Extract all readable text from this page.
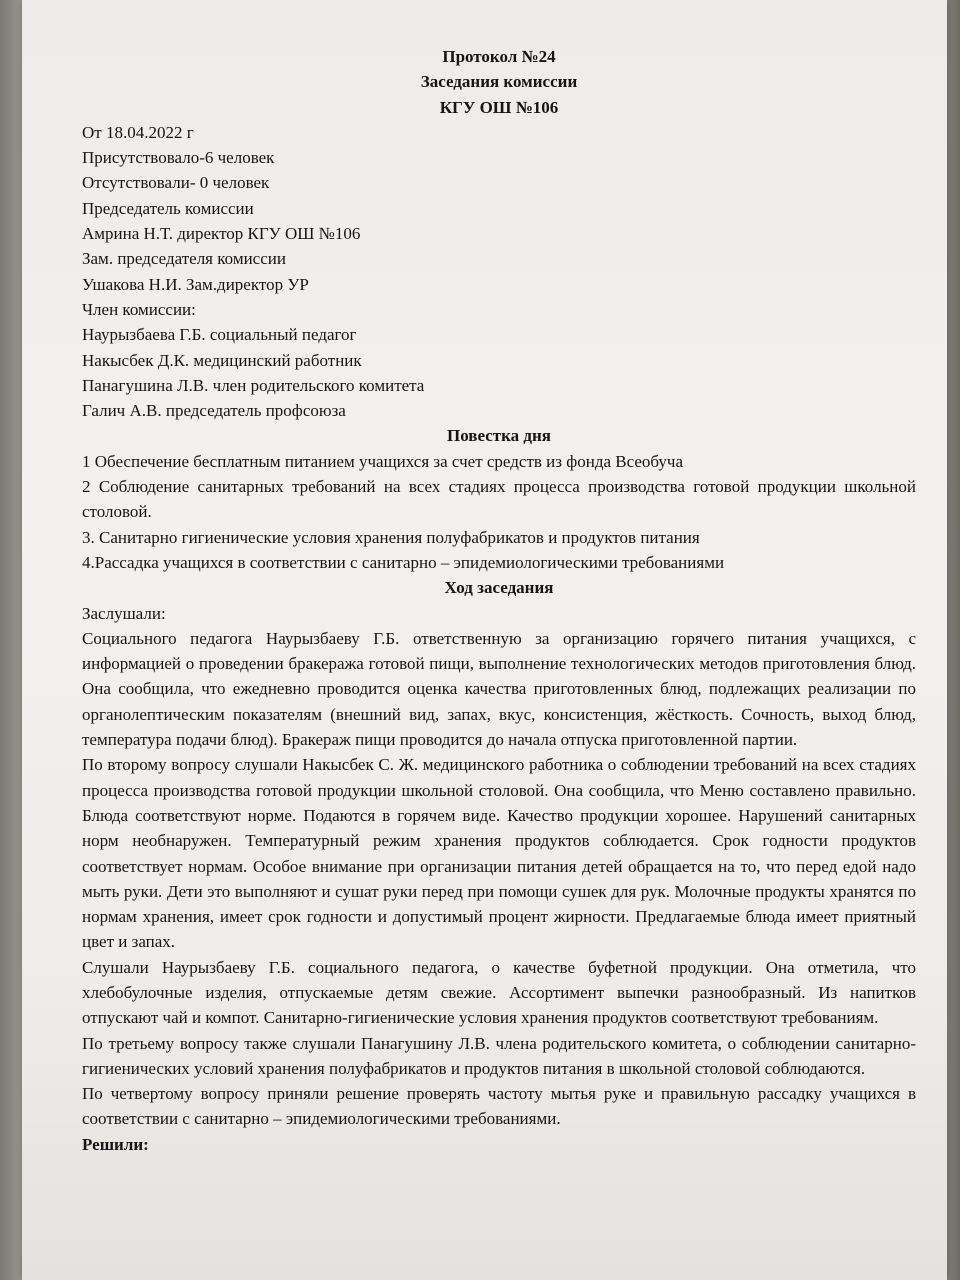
Протокол №24

Заседания комиссии

КГУ ОШ №106

От 18.04.2022 г

Присутствовало-6 человек

Отсутствовали- 0 человек

Председатель комиссии

Амрина Н.Т. директор КГУ ОШ №106

Зам. председателя комиссии

Ушакова Н.И. Зам.директор УР

Член комиссии:

Наурызбаева Г.Б. социальный педагог

Накысбек Д.К. медицинский работник

Панагушина Л.В. член родительского комитета

Галич А.В. председатель профсоюза

Повестка дня

1 Обеспечение бесплатным питанием учащихся за счет средств из фонда Всеобуча

2 Соблюдение санитарных требований на всех стадиях процесса производства готовой продукции школьной столовой.

3. Санитарно гигиенические условия хранения полуфабрикатов и продуктов питания

4.Рассадка учащихся в соответствии с санитарно – эпидемиологическими требованиями

Ход заседания

Заслушали:

Социального педагога Наурызбаеву Г.Б. ответственную за организацию горячего питания учащихся, с информацией о проведении бракеража готовой пищи, выполнение технологических методов приготовления блюд. Она сообщила, что ежедневно проводится оценка качества приготовленных блюд, подлежащих реализации по органолептическим показателям (внешний вид, запах, вкус, консистенция, жёсткость. Сочность, выход блюд, температура подачи блюд). Бракераж пищи проводится до начала отпуска приготовленной партии.

По второму вопросу слушали Накысбек С. Ж. медицинского работника о соблюдении требований на всех стадиях процесса производства готовой продукции школьной столовой. Она сообщила, что Меню составлено правильно. Блюда соответствуют норме. Подаются в горячем виде. Качество продукции хорошее. Нарушений санитарных норм необнаружен. Температурный режим хранения продуктов соблюдается. Срок годности продуктов соответствует нормам. Особое внимание при организации питания детей обращается на то, что перед едой надо мыть руки. Дети это выполняют и сушат руки перед при помощи сушек для рук. Молочные продукты хранятся по нормам хранения, имеет срок годности и допустимый процент жирности. Предлагаемые блюда имеет приятный цвет и запах.

Слушали Наурызбаеву Г.Б. социального педагога, о качестве буфетной продукции. Она отметила, что хлебобулочные изделия, отпускаемые детям свежие. Ассортимент выпечки разнообразный. Из напитков отпускают чай и компот. Санитарно-гигиенические условия хранения продуктов соответствуют требованиям.

По третьему вопросу также слушали Панагушину Л.В. члена родительского комитета, о соблюдении санитарно-гигиенических условий хранения полуфабрикатов и продуктов питания в школьной столовой соблюдаются.

По четвертому вопросу приняли решение проверять частоту мытья руке и правильную рассадку учащихся в соответствии с санитарно – эпидемиологическими требованиями.

Решили:
